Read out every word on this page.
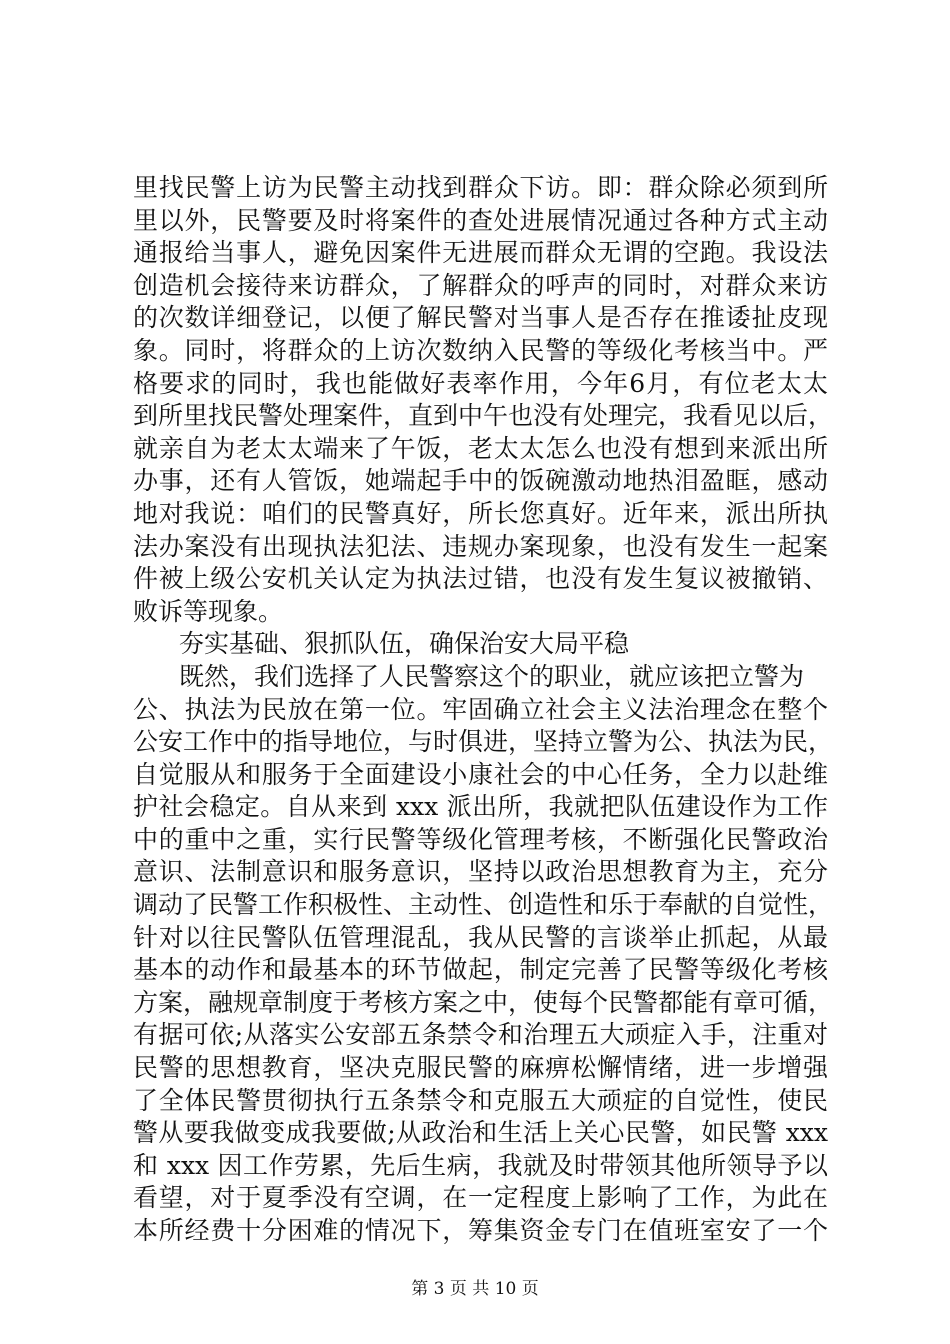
里找民警上访为民警主动找到群众下访。即：群众除必须到所
里以外，民警要及时将案件的查处进展情况通过各种方式主动
通报给当事人，避免因案件无进展而群众无谓的空跑。我设法
创造机会接待来访群众，了解群众的呼声的同时，对群众来访
的次数详细登记，以便了解民警对当事人是否存在推诿扯皮现
象。同时，将群众的上访次数纳入民警的等级化考核当中。严
格要求的同时，我也能做好表率作用，今年6月，有位老太太
到所里找民警处理案件，直到中午也没有处理完，我看见以后，
就亲自为老太太端来了午饭，老太太怎么也没有想到来派出所
办事，还有人管饭，她端起手中的饭碗激动地热泪盈眶，感动
地对我说：咱们的民警真好，所长您真好。近年来，派出所执
法办案没有出现执法犯法、违规办案现象，也没有发生一起案
件被上级公安机关认定为执法过错，也没有发生复议被撤销、
败诉等现象。
夯实基础、狠抓队伍，确保治安大局平稳
既然，我们选择了人民警察这个的职业，就应该把立警为
公、执法为民放在第一位。牢固确立社会主义法治理念在整个
公安工作中的指导地位，与时俱进，坚持立警为公、执法为民，
自觉服从和服务于全面建设小康社会的中心任务，全力以赴维
护社会稳定。自从来到 xxx 派出所，我就把队伍建设作为工作
中的重中之重，实行民警等级化管理考核，不断强化民警政治
意识、法制意识和服务意识，坚持以政治思想教育为主，充分
调动了民警工作积极性、主动性、创造性和乐于奉献的自觉性，
针对以往民警队伍管理混乱，我从民警的言谈举止抓起，从最
基本的动作和最基本的环节做起，制定完善了民警等级化考核
方案，融规章制度于考核方案之中，使每个民警都能有章可循，
有据可依;从落实公安部五条禁令和治理五大顽症入手，注重对
民警的思想教育，坚决克服民警的麻痹松懈情绪，进一步增强
了全体民警贯彻执行五条禁令和克服五大顽症的自觉性，使民
警从要我做变成我要做;从政治和生活上关心民警，如民警 xxx
和 xxx 因工作劳累，先后生病，我就及时带领其他所领导予以
看望，对于夏季没有空调，在一定程度上影响了工作，为此在
本所经费十分困难的情况下，筹集资金专门在值班室安了一个
第 3 页 共 10 页
